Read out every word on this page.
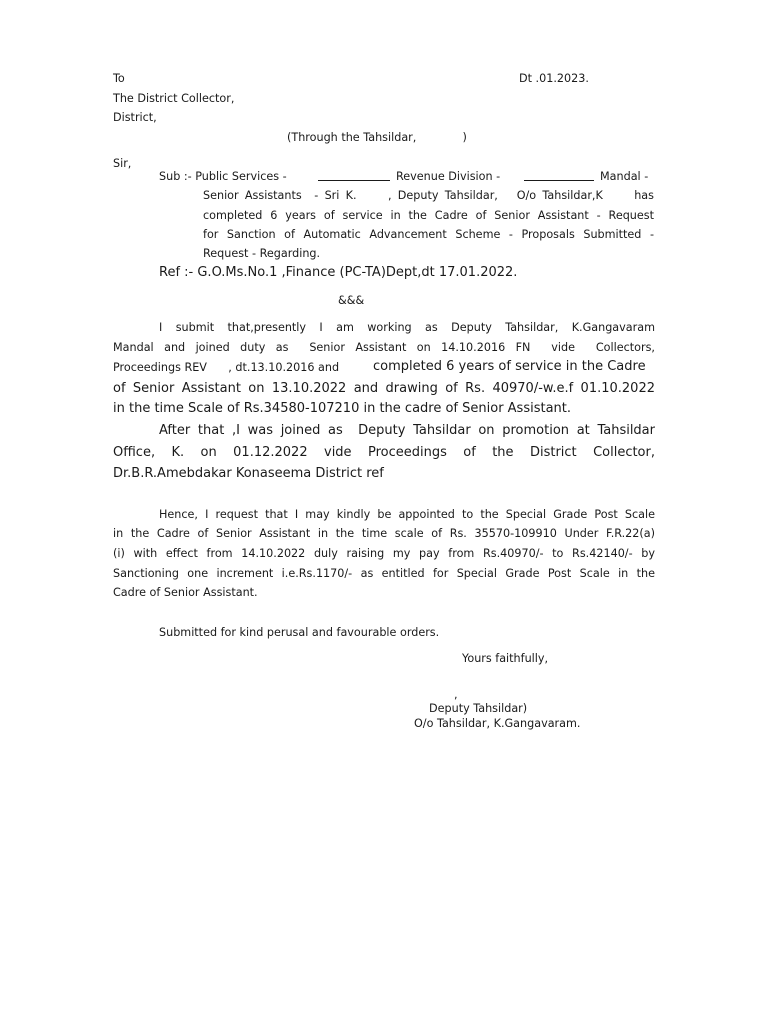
To	Dt .01.2023.
The District Collector,
District,
(Through the Tahsildar,             )
Sir,
Sub :- Public Services -	Revenue Division -	Mandal -
Senior Assistants  - Sri K.     , Deputy Tahsildar,   O/o Tahsildar,K     has
completed 6 years of service in the Cadre of Senior Assistant - Request
for Sanction of Automatic Advancement Scheme - Proposals Submitted -
Request - Regarding.
Ref :- G.O.Ms.No.1 ,Finance (PC-TA)Dept,dt 17.01.2022.
&&&
I submit that,presently I am working as Deputy Tahsildar, K.Gangavaram
Mandal and joined duty as  Senior Assistant on 14.10.2016 FN  vide  Collectors,
Proceedings REV      , dt.13.10.2016 and	completed 6 years of service in the Cadre
of Senior Assistant on 13.10.2022 and drawing of Rs. 40970/-w.e.f 01.10.2022
in the time Scale of Rs.34580-107210 in the cadre of Senior Assistant.
After that ,I was joined as  Deputy Tahsildar on promotion at Tahsildar
Office,  K.  on  01.12.2022  vide  Proceedings  of  the  District  Collector,
Dr.B.R.Amebdakar Konaseema District ref
Hence, I request that I may kindly be appointed to the Special Grade Post Scale
in the Cadre of Senior Assistant in the time scale of Rs. 35570-109910 Under F.R.22(a)
(i) with effect from 14.10.2022 duly raising my pay from Rs.40970/- to Rs.42140/- by
Sanctioning one increment i.e.Rs.1170/- as entitled for Special Grade Post Scale in the
Cadre of Senior Assistant.
Submitted for kind perusal and favourable orders.
Yours faithfully,
,
Deputy Tahsildar)
O/o Tahsildar, K.Gangavaram.
